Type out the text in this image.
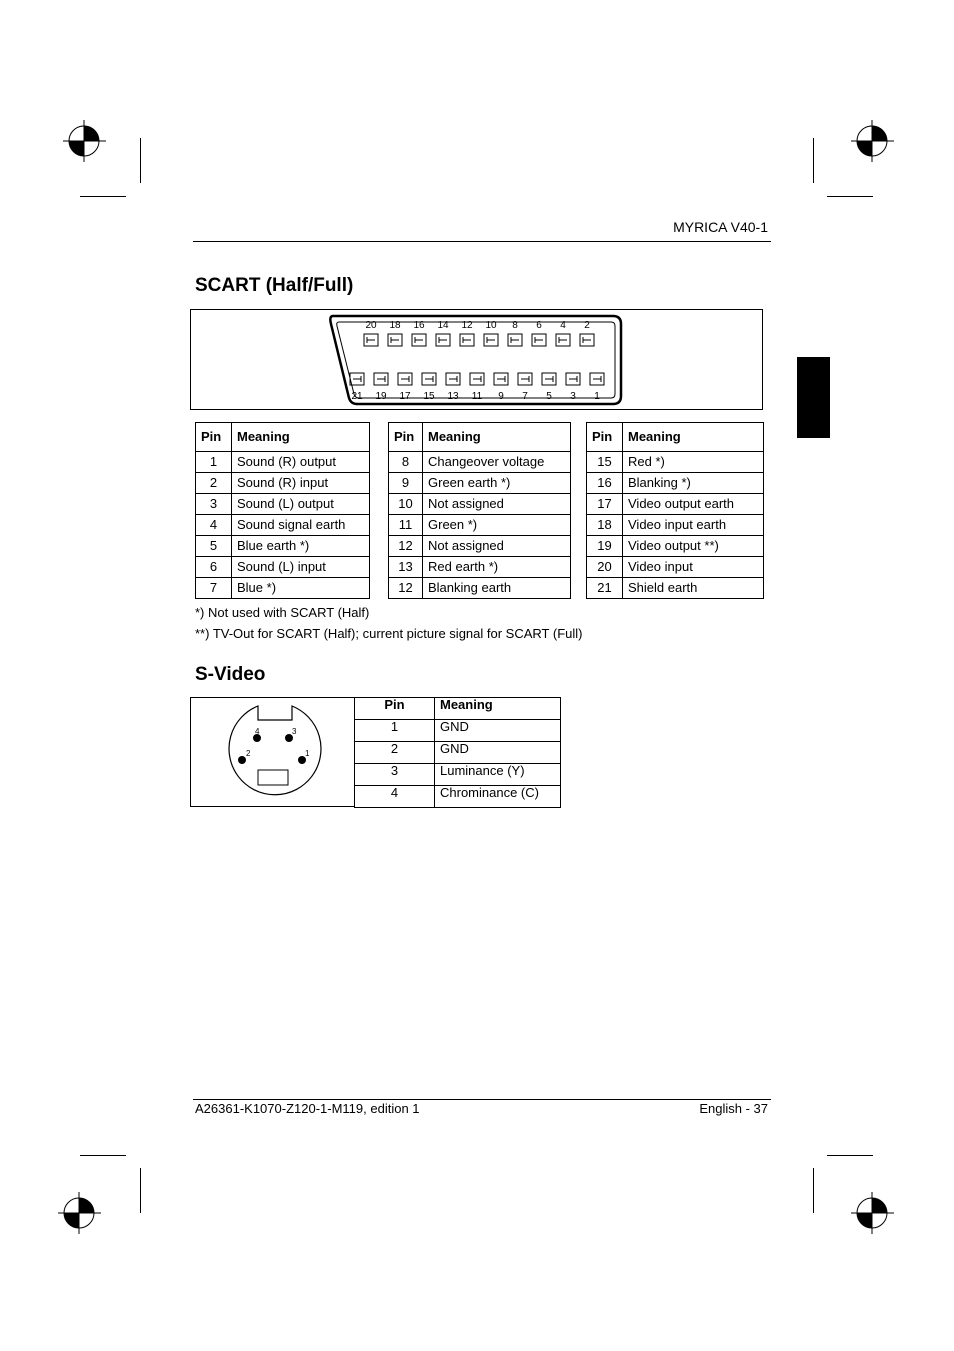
MYRICA V40-1
SCART (Half/Full)
20 18 16 14 12 10 8 6 4 2
21 19 17 15 13 11 9 7 5 3 1
Pin	Meaning
1	Sound (R) output
2	Sound (R) input
3	Sound (L) output
4	Sound signal earth
5	Blue earth *)
6	Sound (L) input
7	Blue *)
Pin	Meaning
8	Changeover voltage
9	Green earth *)
10	Not assigned
11	Green *)
12	Not assigned
13	Red earth *)
12	Blanking earth
Pin	Meaning
15	Red *)
16	Blanking *)
17	Video output earth
18	Video input earth
19	Video output **)
20	Video input
21	Shield earth
*) Not used with SCART (Half)
**) TV-Out for SCART (Half); current picture signal for SCART (Full)
S-Video
4	3
2	1
Pin	Meaning
1	GND
2	GND
3	Luminance (Y)
4	Chrominance (C)
A26361-K1070-Z120-1-M119, edition 1	English - 37
